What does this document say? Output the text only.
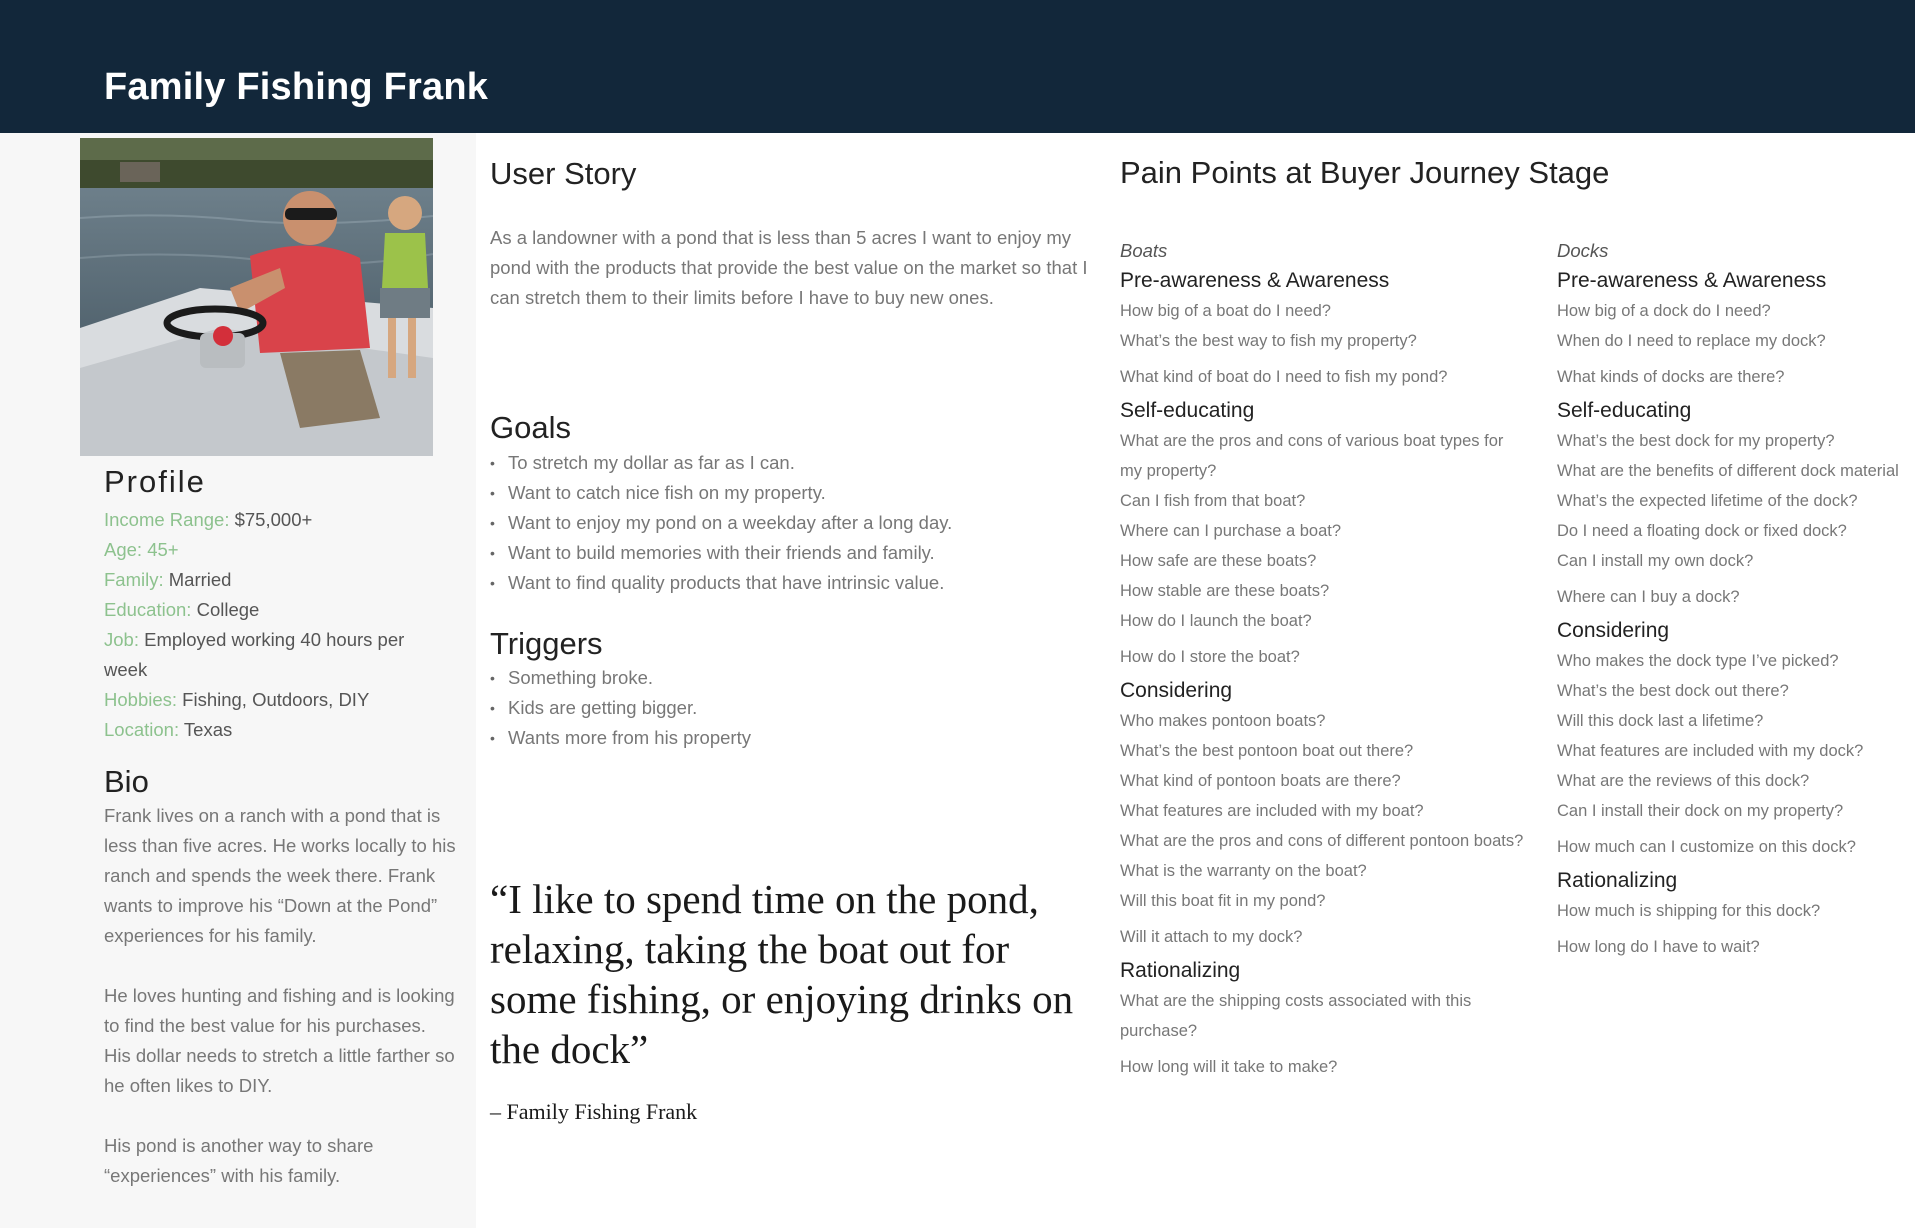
Family Fishing Frank
Profile
Income Range: $75,000+
Age: 45+
Family: Married
Education: College
Job: Employed working 40 hours per week
Hobbies: Fishing, Outdoors, DIY
Location: Texas
Bio

Frank lives on a ranch with a pond that is less than five acres. He works locally to his ranch and spends the week there. Frank wants to improve his “Down at the Pond” experiences for his family.

He loves hunting and fishing and is looking to find the best value for his purchases. His dollar needs to stretch a little farther so he often likes to DIY.

His pond is another way to share “experiences” with his family.

User Story
As a landowner with a pond that is less than 5 acres I want to enjoy my pond with the products that provide the best value on the market so that I can stretch them to their limits before I have to buy new ones.
Goals
• To stretch my dollar as far as I can.
• Want to catch nice fish on my property.
• Want to enjoy my pond on a weekday after a long day.
• Want to build memories with their friends and family.
• Want to find quality products that have intrinsic value.
Triggers
• Something broke.
• Kids are getting bigger.
• Wants more from his property
“I like to spend time on the pond, relaxing, taking the boat out for some fishing, or enjoying drinks on the dock”
– Family Fishing Frank
Pain Points at Buyer Journey Stage
Boats
Pre-awareness & Awareness
How big of a boat do I need?
What’s the best way to fish my property?
What kind of boat do I need to fish my pond?
Self-educating
What are the pros and cons of various boat types for
my property?
Can I fish from that boat?
Where can I purchase a boat?
How safe are these boats?
How stable are these boats?
How do I launch the boat?
How do I store the boat?
Considering
Who makes pontoon boats?
What’s the best pontoon boat out there?
What kind of pontoon boats are there?
What features are included with my boat?
What are the pros and cons of different pontoon boats?
What is the warranty on the boat?
Will this boat fit in my pond?
Will it attach to my dock?
Rationalizing
What are the shipping costs associated with this
purchase?
How long will it take to make?
Docks
Pre-awareness & Awareness
How big of a dock do I need?
When do I need to replace my dock?
What kinds of docks are there?
Self-educating
What’s the best dock for my property?
What are the benefits of different dock material
What’s the expected lifetime of the dock?
Do I need a floating dock or fixed dock?
Can I install my own dock?
Where can I buy a dock?
Considering
Who makes the dock type I’ve picked?
What’s the best dock out there?
Will this dock last a lifetime?
What features are included with my dock?
What are the reviews of this dock?
Can I install their dock on my property?
How much can I customize on this dock?
Rationalizing
How much is shipping for this dock?
How long do I have to wait?
